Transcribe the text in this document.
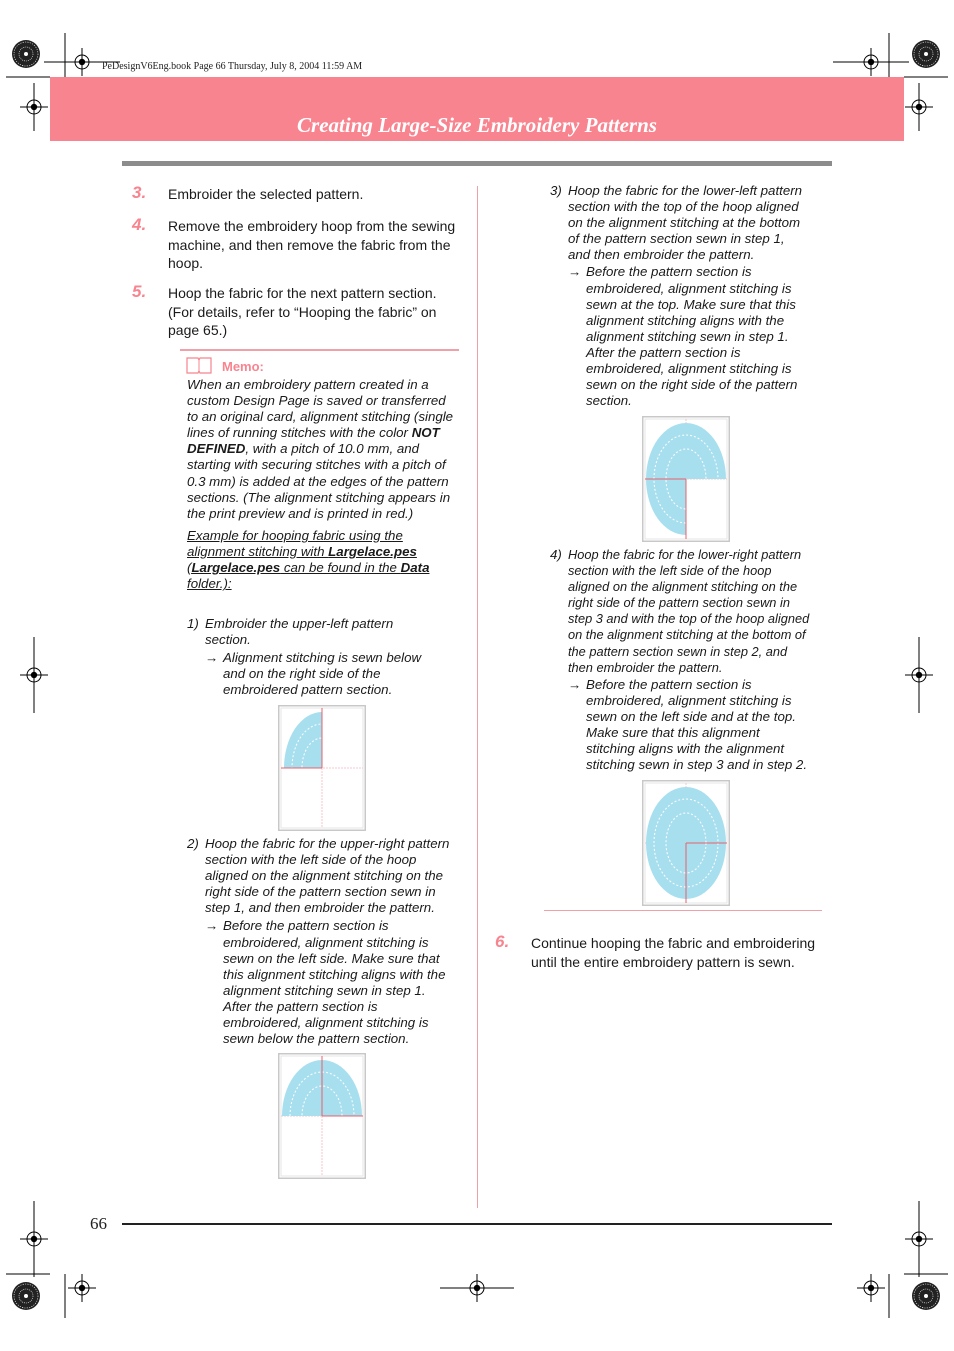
PeDesignV6Eng.book Page 66 Thursday, July 8, 2004 11:59 AM
Creating Large-Size Embroidery Patterns
3. Embroider the selected pattern.
4. Remove the embroidery hoop from the sewing
machine, and then remove the fabric from the
hoop.
5. Hoop the fabric for the next pattern section.
(For details, refer to “Hooping the fabric” on
page 65.)
Memo:
When an embroidery pattern created in a
custom Design Page is saved or transferred
to an original card, alignment stitching (single
lines of running stitches with the color NOT
DEFINED, with a pitch of 10.0 mm, and
starting with securing stitches with a pitch of
0.3 mm) is added at the edges of the pattern
sections. (The alignment stitching appears in
the print preview and is printed in red.)
Example for hooping fabric using the
alignment stitching with Largelace.pes
(Largelace.pes can be found in the Data
folder.):
1) Embroider the upper-left pattern
section.
→ Alignment stitching is sewn below
and on the right side of the
embroidered pattern section.
2) Hoop the fabric for the upper-right pattern
section with the left side of the hoop
aligned on the alignment stitching on the
right side of the pattern section sewn in
step 1, and then embroider the pattern.
→ Before the pattern section is
embroidered, alignment stitching is
sewn on the left side. Make sure that
this alignment stitching aligns with the
alignment stitching sewn in step 1.
After the pattern section is
embroidered, alignment stitching is
sewn below the pattern section.
3) Hoop the fabric for the lower-left pattern
section with the top of the hoop aligned
on the alignment stitching at the bottom
of the pattern section sewn in step 1,
and then embroider the pattern.
→ Before the pattern section is
embroidered, alignment stitching is
sewn at the top. Make sure that this
alignment stitching aligns with the
alignment stitching sewn in step 1.
After the pattern section is
embroidered, alignment stitching is
sewn on the right side of the pattern
section.
4) Hoop the fabric for the lower-right pattern
section with the left side of the hoop
aligned on the alignment stitching on the
right side of the pattern section sewn in
step 3 and with the top of the hoop aligned
on the alignment stitching at the bottom of
the pattern section sewn in step 2, and
then embroider the pattern.
→ Before the pattern section is
embroidered, alignment stitching is
sewn on the left side and at the top.
Make sure that this alignment
stitching aligns with the alignment
stitching sewn in step 3 and in step 2.
6. Continue hooping the fabric and embroidering
until the entire embroidery pattern is sewn.
66
